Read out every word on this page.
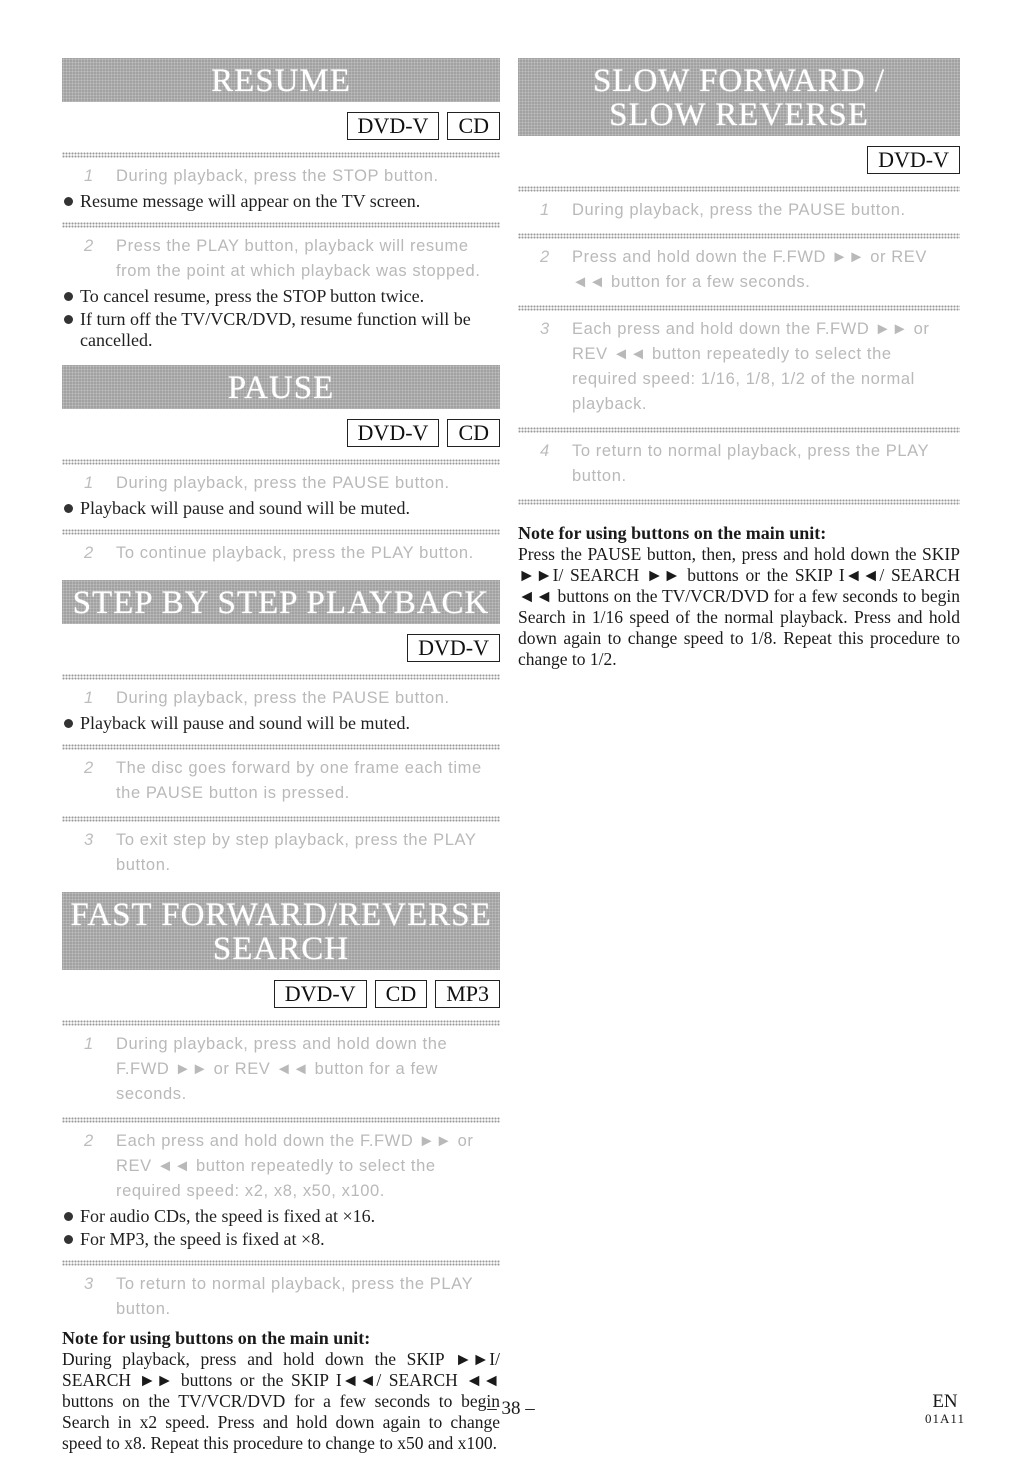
RESUME
DVD-V CD
1 During playback, press the STOP button.
Resume message will appear on the TV screen.
2 Press the PLAY button, playback will resume from the point at which playback was stopped.
To cancel resume, press the STOP button twice.
If turn off the TV/VCR/DVD, resume function will be cancelled.
PAUSE
DVD-V CD
1 During playback, press the PAUSE button.
Playback will pause and sound will be muted.
2 To continue playback, press the PLAY button.
STEP BY STEP PLAYBACK
DVD-V
1 During playback, press the PAUSE button.
Playback will pause and sound will be muted.
2 The disc goes forward by one frame each time the PAUSE button is pressed.
3 To exit step by step playback, press the PLAY button.
FAST FORWARD/REVERSE
SEARCH
DVD-V CD MP3
1 During playback, press and hold down the F.FWD ►► or REV ◄◄ button for a few seconds.
2 Each press and hold down the F.FWD ►► or REV ◄◄ button repeatedly to select the required speed: x2, x8, x50, x100.
For audio CDs, the speed is fixed at ×16.
For MP3, the speed is fixed at ×8.
3 To return to normal playback, press the PLAY button.
Note for using buttons on the main unit:
During playback, press and hold down the SKIP ►►I/ SEARCH ►► buttons or the SKIP I◄◄/ SEARCH ◄◄ buttons on the TV/VCR/DVD for a few seconds to begin Search in x2 speed. Press and hold down again to change speed to x8. Repeat this procedure to change to x50 and x100.
SLOW FORWARD /
SLOW REVERSE
DVD-V
1 During playback, press the PAUSE button.
2 Press and hold down the F.FWD ►► or REV ◄◄ button for a few seconds.
3 Each press and hold down the F.FWD ►► or REV ◄◄ button repeatedly to select the required speed: 1/16, 1/8, 1/2 of the normal playback.
4 To return to normal playback, press the PLAY button.
Note for using buttons on the main unit:
Press the PAUSE button, then, press and hold down the SKIP ►►I/ SEARCH ►► buttons or the SKIP I◄◄/ SEARCH ◄◄ buttons on the TV/VCR/DVD for a few seconds to begin Search in 1/16 speed of the normal playback. Press and hold down again to change speed to 1/8. Repeat this procedure to change to 1/2.
– 38 –	EN
01A11
